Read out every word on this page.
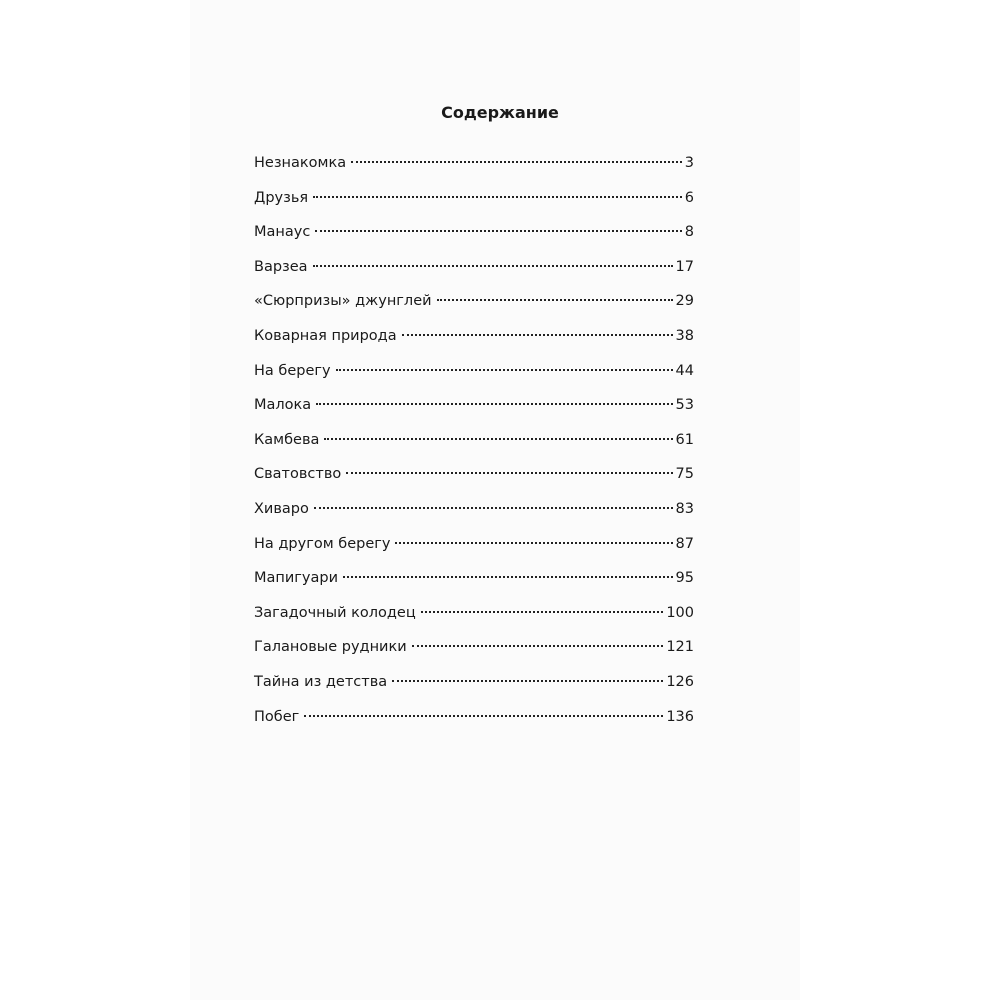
Содержание
Незнакомка	3
Друзья	6
Манаус	8
Варзеа	17
«Сюрпризы» джунглей	29
Коварная природа	38
На берегу	44
Малока	53
Камбева	61
Сватовство	75
Хиваро	83
На другом берегу	87
Мапигуари	95
Загадочный колодец	100
Галановые рудники	121
Тайна из детства	126
Побег	136
